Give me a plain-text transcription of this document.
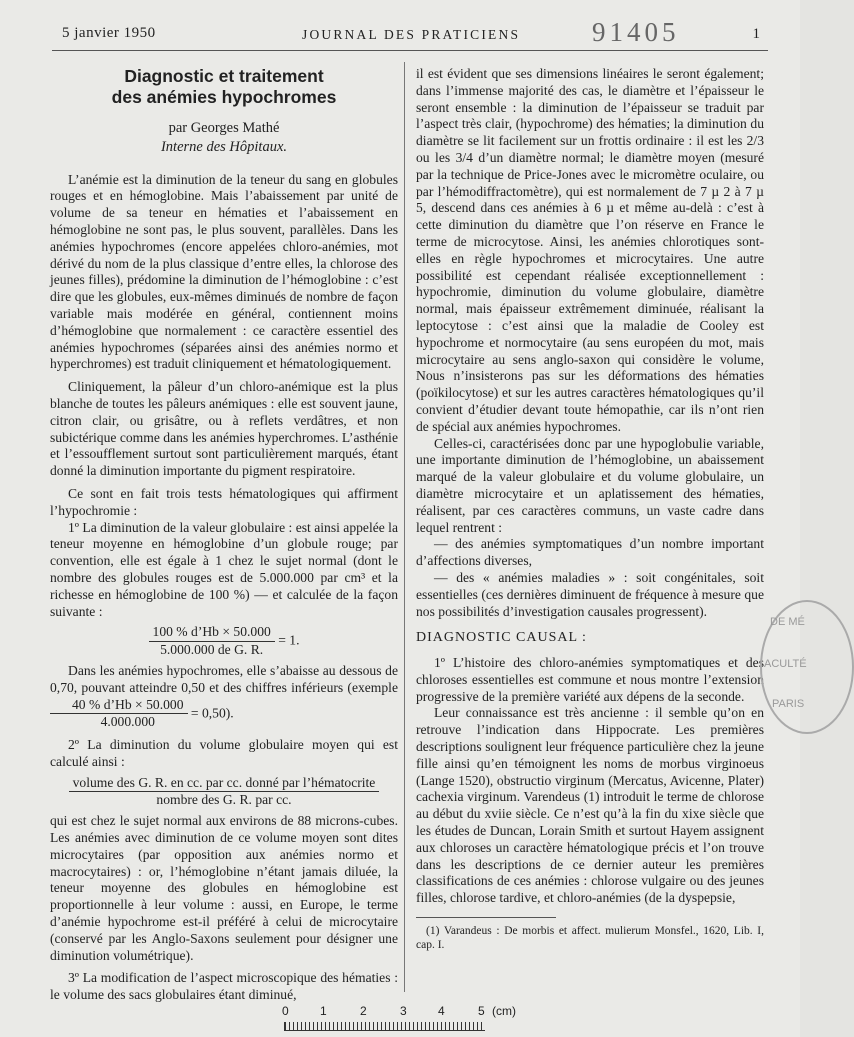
5 janvier 1950	JOURNAL DES PRATICIENS	91405	1
Diagnostic et traitement
des anémies hypochromes
par Georges Mathé
Interne des Hôpitaux.

L’anémie est la diminution de la teneur du sang en globules rouges et en hémoglobine. Mais l’abaissement par unité de volume de sa teneur en hématies et l’abaissement en hémoglobine ne sont pas, le plus souvent, parallèles. Dans les anémies hypochromes (encore appelées chloro-anémies, mot dérivé du nom de la plus classique d’entre elles, la chlorose des jeunes filles), prédomine la diminution de l’hémoglobine : c’est dire que les globules, eux-mêmes diminués de nombre de façon variable mais modérée en général, contiennent moins d’hémoglobine que normalement : ce caractère essentiel des anémies hypochromes (séparées ainsi des anémies normo et hyperchromes) est traduit cliniquement et hématologiquement.

Cliniquement, la pâleur d’un chloro-anémique est la plus blanche de toutes les pâleurs anémiques : elle est souvent jaune, citron clair, ou grisâtre, ou à reflets verdâtres, et non subictérique comme dans les anémies hyperchromes. L’asthénie et l’essoufflement surtout sont particulièrement marqués, étant donné la diminution importante du pigment respiratoire.

Ce sont en fait trois tests hématologiques qui affirment l’hypochromie :

1º La diminution de la valeur globulaire : est ainsi appelée la teneur moyenne en hémoglobine d’un globule rouge; par convention, elle est égale à 1 chez le sujet normal (dont le nombre des globules rouges est de 5.000.000 par cm³ et la richesse en hémoglobine de 100 %) — et calculée de la façon suivante :

$\frac{100 \% d’Hb \times 50.000}{\text{5.000.000 de G. R.}} = 1$.

Dans les anémies hypochromes, elle s’abaisse au dessous de 0,70, pouvant atteindre 0,50 et des chiffres inférieurs (exemple
$\frac{40 \% d’Hb \times 50.000}{4.000.000} = 0,50$).

2º La diminution du volume globulaire moyen qui est calculé ainsi :

$\frac{\text{volume des G. R. en cc. par cc. donné par l’hématocrite}}{\text{nombre des G. R. par cc.}}$

qui est chez le sujet normal aux environs de 88 microns-cubes. Les anémies avec diminution de ce volume moyen sont dites microcytaires (par opposition aux anémies normo et macrocytaires) : or, l’hémoglobine n’étant jamais diluée, la teneur moyenne des globules en hémoglobine est proportionnelle à leur volume : aussi, en Europe, le terme d’anémie hypochrome est-il préféré à celui de microcytaire (conservé par les Anglo-Saxons seulement pour désigner une diminution volumétrique).

3º La modification de l’aspect microscopique des hématies : le volume des sacs globulaires étant diminué,

il est évident que ses dimensions linéaires le seront également; dans l’immense majorité des cas, le diamètre et l’épaisseur le seront ensemble : la diminution de l’épaisseur se traduit par l’aspect très clair, (hypochrome) des hématies; la diminution du diamètre se lit facilement sur un frottis ordinaire : il est les 2/3 ou les 3/4 d’un diamètre normal; le diamètre moyen (mesuré par la technique de Price-Jones avec le micromètre oculaire, ou par l’hémodiffractomètre), qui est normalement de 7 µ 2 à 7 µ 5, descend dans ces anémies à 6 µ et même au-delà : c’est à cette diminution du diamètre que l’on réserve en France le terme de microcytose. Ainsi, les anémies chlorotiques sont-elles en règle hypochromes et microcytaires. Une autre possibilité est cependant réalisée exceptionnellement : hypochromie, diminution du volume globulaire, diamètre normal, mais épaisseur extrêmement diminuée, réalisant la leptocytose : c’est ainsi que la maladie de Cooley est hypochrome et normocytaire (au sens européen du mot, mais microcytaire au sens anglo-saxon qui considère le volume, Nous n’insisterons pas sur les déformations des hématies (poïkilocytose) et sur les autres caractères hématologiques qu’il convient d’étudier devant toute hémopathie, car ils n’ont rien de spécial aux anémies hypochromes.

Celles-ci, caractérisées donc par une hypoglobulie variable, une importante diminution de l’hémoglobine, un abaissement marqué de la valeur globulaire et du volume globulaire, un diamètre microcytaire et un aplatissement des hématies, réalisent, par ces caractères communs, un vaste cadre dans lequel rentrent :

— des anémies symptomatiques d’un nombre important d’affections diverses,

— des « anémies maladies » : soit congénitales, soit essentielles (ces dernières diminuent de fréquence à mesure que nos possibilités d’investigation causales progressent).

DIAGNOSTIC CAUSAL :

1º L’histoire des chloro-anémies symptomatiques et des chloroses essentielles est commune et nous montre l’extension progressive de la première variété aux dépens de la seconde.

Leur connaissance est très ancienne : il semble qu’on en retrouve l’indication dans Hippocrate. Les premières descriptions soulignent leur fréquence particulière chez la jeune fille ainsi qu’en témoignent les noms de morbus virginoeus (Lange 1520), obstructio virginum (Mercatus, Avicenne, Plater) cachexia virginum. Varendeus (1) introduit le terme de chlorose au début du xviie siècle. Ce n’est qu’à la fin du xixe siècle que les études de Duncan, Lorain Smith et surtout Hayem assignent aux chloroses un caractère hématologique précis et l’on trouve dans les descriptions de ce dernier auteur les premières classifications de ces anémies : chlorose vulgaire ou des jeunes filles, chlorose tardive, et chloro-anémies (de la dyspepsie,

(1) Varandeus : De morbis et affect. mulierum Monsfel., 1620, Lib. I, cap. I.
DE MÉ
ACULTÉ
PARIS
0	1	2	3	4	5 (cm)
